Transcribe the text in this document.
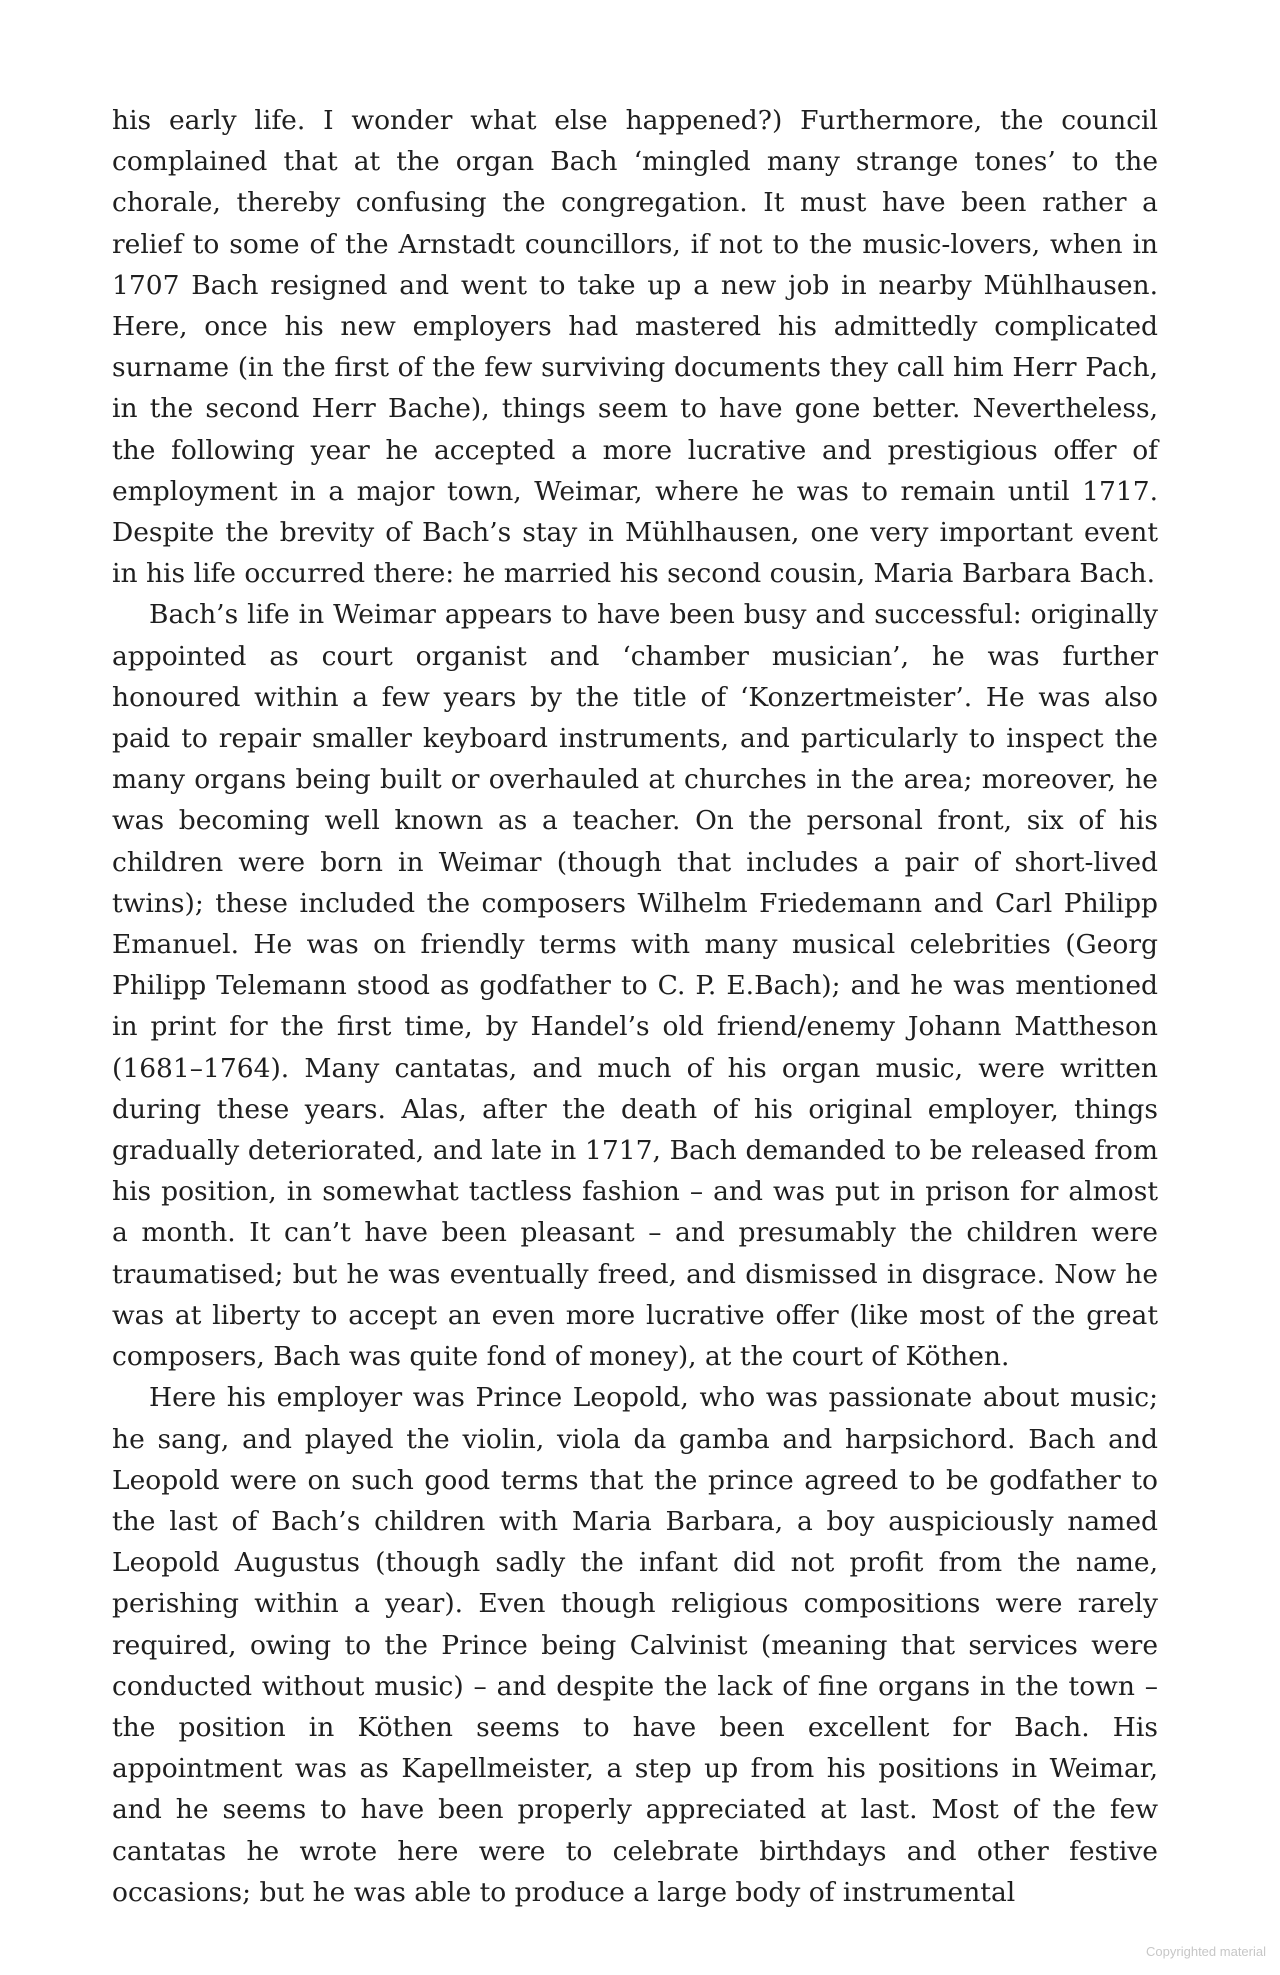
his early life. I wonder what else happened?) Furthermore, the council complained that at the organ Bach ‘mingled many strange tones’ to the chorale, thereby confusing the congregation. It must have been rather a relief to some of the Arnstadt councillors, if not to the music-lovers, when in 1707 Bach resigned and went to take up a new job in nearby Mühlhausen. Here, once his new employers had mastered his admittedly complicated surname (in the first of the few surviving documents they call him Herr Pach, in the second Herr Bache), things seem to have gone better. Nevertheless, the following year he accepted a more lucrative and prestigious offer of employment in a major town, Weimar, where he was to remain until 1717. Despite the brevity of Bach’s stay in Mühlhausen, one very important event in his life occurred there: he married his second cousin, Maria Barbara Bach.

Bach’s life in Weimar appears to have been busy and successful: originally appointed as court organist and ‘chamber musician’, he was further honoured within a few years by the title of ‘Konzertmeister’. He was also paid to repair smaller keyboard instruments, and particularly to inspect the many organs being built or overhauled at churches in the area; moreover, he was becoming well known as a teacher. On the personal front, six of his children were born in Weimar (though that includes a pair of short-lived twins); these included the composers Wilhelm Friedemann and Carl Philipp Emanuel. He was on friendly terms with many musical celebrities (Georg Philipp Telemann stood as godfather to C. P. E.Bach); and he was mentioned in print for the first time, by Handel’s old friend/enemy Johann Mattheson (1681–1764). Many cantatas, and much of his organ music, were written during these years. Alas, after the death of his original employer, things gradually deteriorated, and late in 1717, Bach demanded to be released from his position, in somewhat tactless fashion – and was put in prison for almost a month. It can’t have been pleasant – and presumably the children were traumatised; but he was eventually freed, and dismissed in disgrace. Now he was at liberty to accept an even more lucrative offer (like most of the great composers, Bach was quite fond of money), at the court of Köthen.

Here his employer was Prince Leopold, who was passionate about music; he sang, and played the violin, viola da gamba and harpsichord. Bach and Leopold were on such good terms that the prince agreed to be godfather to the last of Bach’s children with Maria Barbara, a boy auspiciously named Leopold Augustus (though sadly the infant did not profit from the name, perishing within a year). Even though religious compositions were rarely required, owing to the Prince being Calvinist (meaning that services were conducted without music) – and despite the lack of fine organs in the town – the position in Köthen seems to have been excellent for Bach. His appointment was as Kapellmeister, a step up from his positions in Weimar, and he seems to have been properly appreciated at last. Most of the few cantatas he wrote here were to celebrate birthdays and other festive occasions; but he was able to produce a large body of instrumental

Copyrighted material
